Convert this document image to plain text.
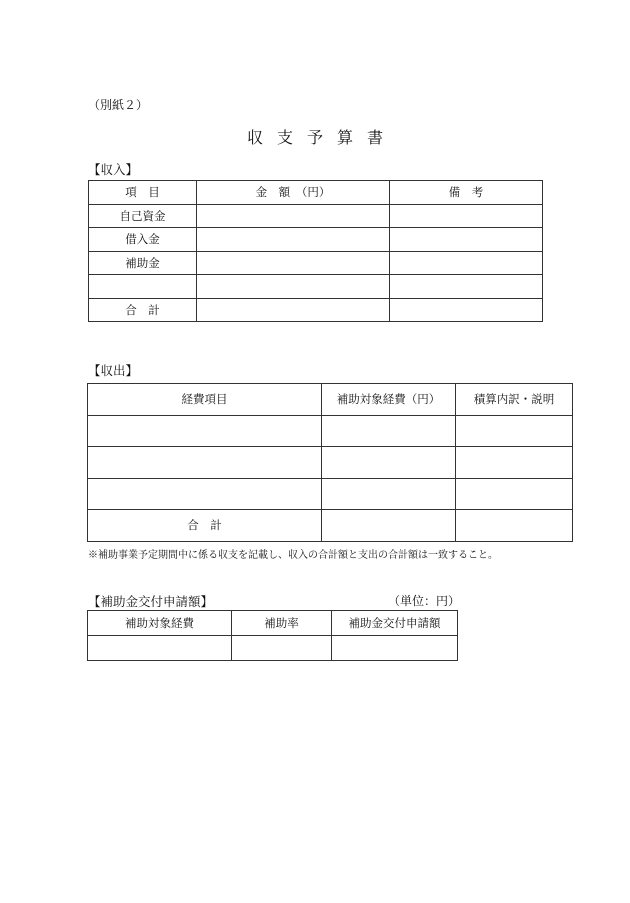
（別紙２）
収支予算書
【収入】
項　目	金　額　（円）	備　考
自己資金		
借入金		
補助金		

合　計		
【収出】
経費項目	補助対象経費（円）	積算内訳・説明

合　計		
※補助事業予定期間中に係る収支を記載し、収入の合計額と支出の合計額は一致すること。
【補助金交付申請額】	（単位：円）
補助対象経費	補助率	補助金交付申請額
